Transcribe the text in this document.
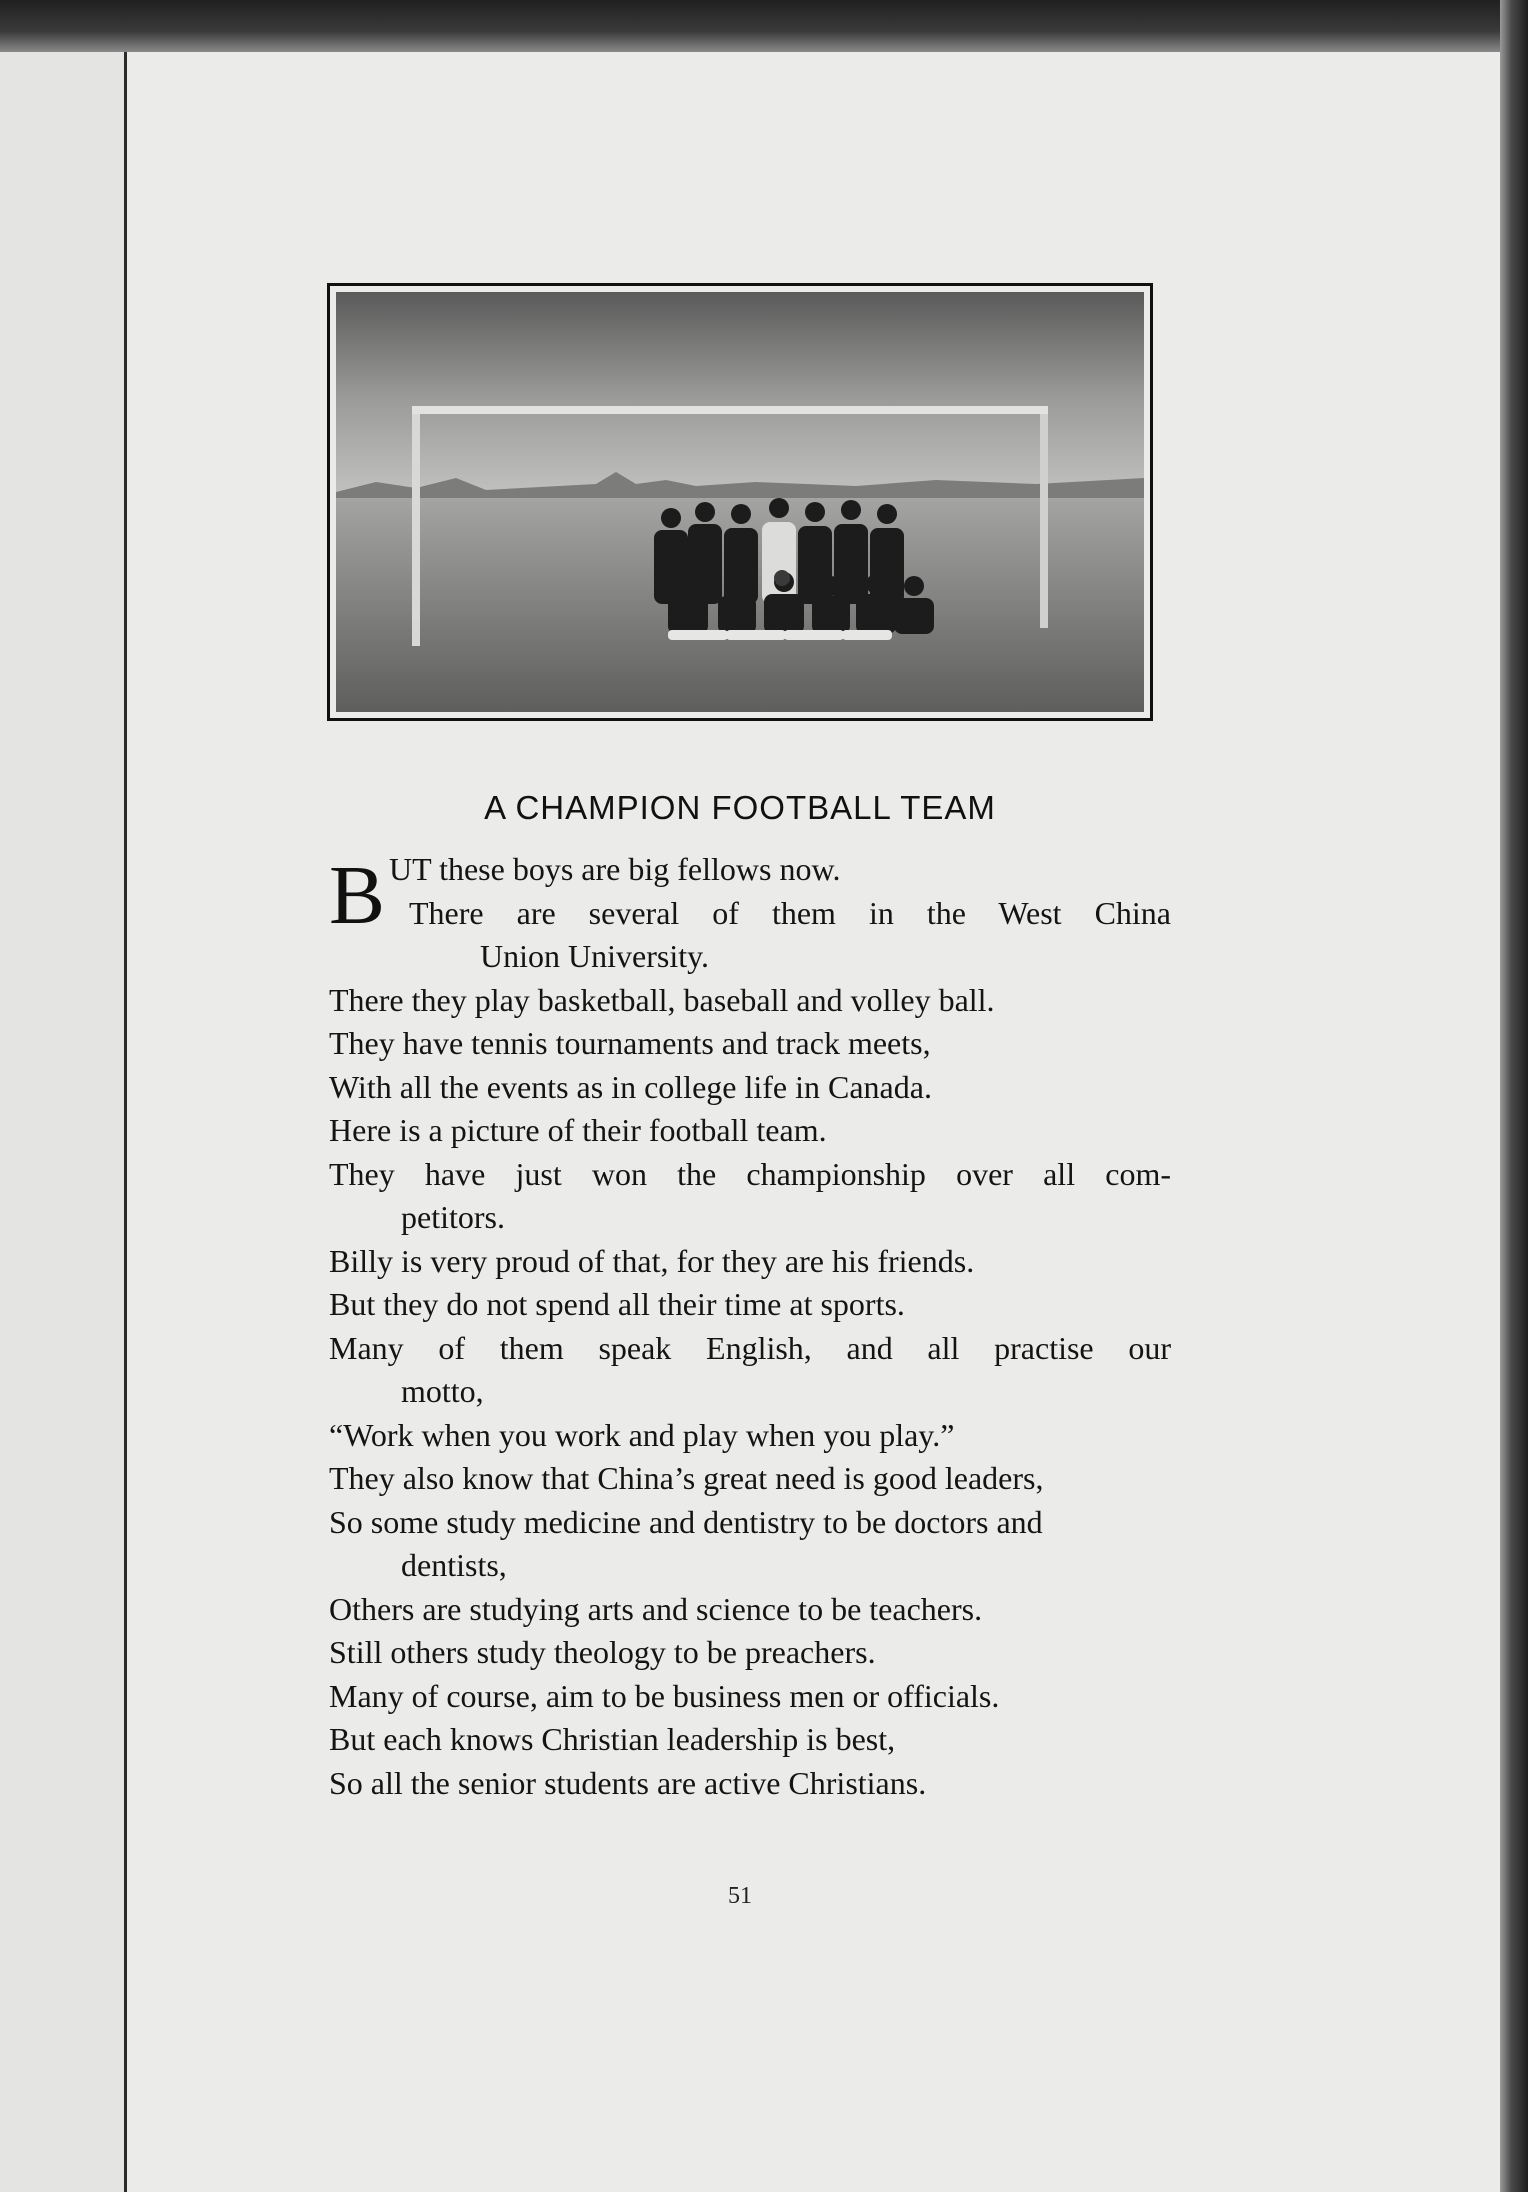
A CHAMPION FOOTBALL TEAM
B UT these boys are big fellows now.
There are several of them in the West China
Union University.
There they play basketball, baseball and volley ball.
They have tennis tournaments and track meets,
With all the events as in college life in Canada.
Here is a picture of their football team.
They have just won the championship over all com-
petitors.
Billy is very proud of that, for they are his friends.
But they do not spend all their time at sports.
Many of them speak English, and all practise our
motto,
“Work when you work and play when you play.”
They also know that China’s great need is good leaders,
So some study medicine and dentistry to be doctors and
dentists,
Others are studying arts and science to be teachers.
Still others study theology to be preachers.
Many of course, aim to be business men or officials.
But each knows Christian leadership is best,
So all the senior students are active Christians.
51
